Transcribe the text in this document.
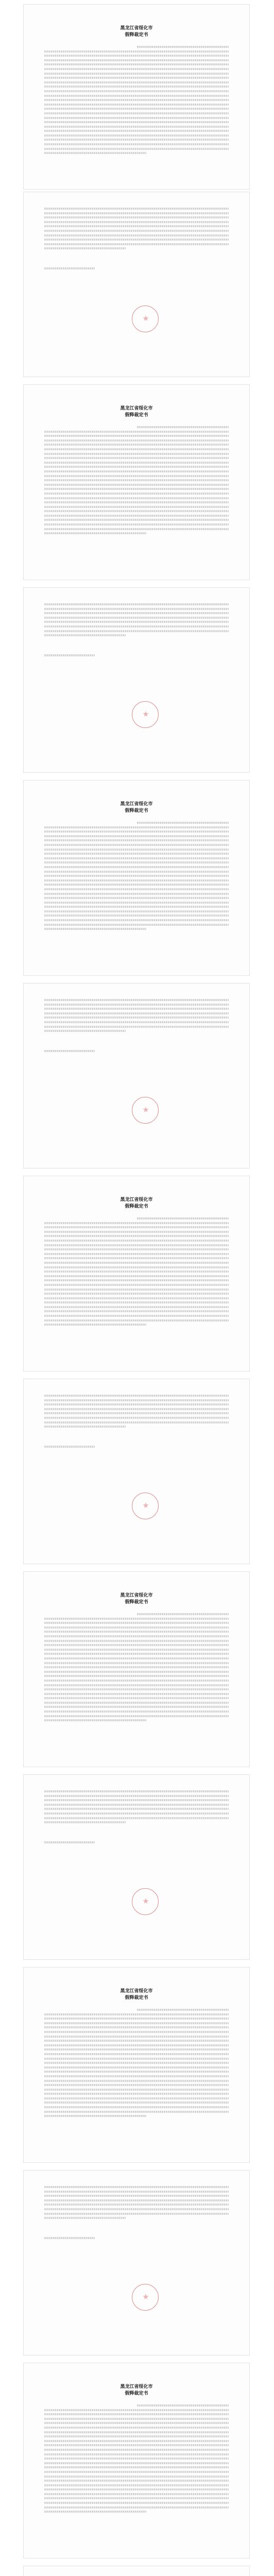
黑龙江省绥化市

假释裁定书

黑龙江省绥化市

假释裁定书

黑龙江省绥化市

假释裁定书

黑龙江省绥化市

假释裁定书

黑龙江省绥化市

假释裁定书

黑龙江省绥化市

假释裁定书

黑龙江省绥化市

假释裁定书
